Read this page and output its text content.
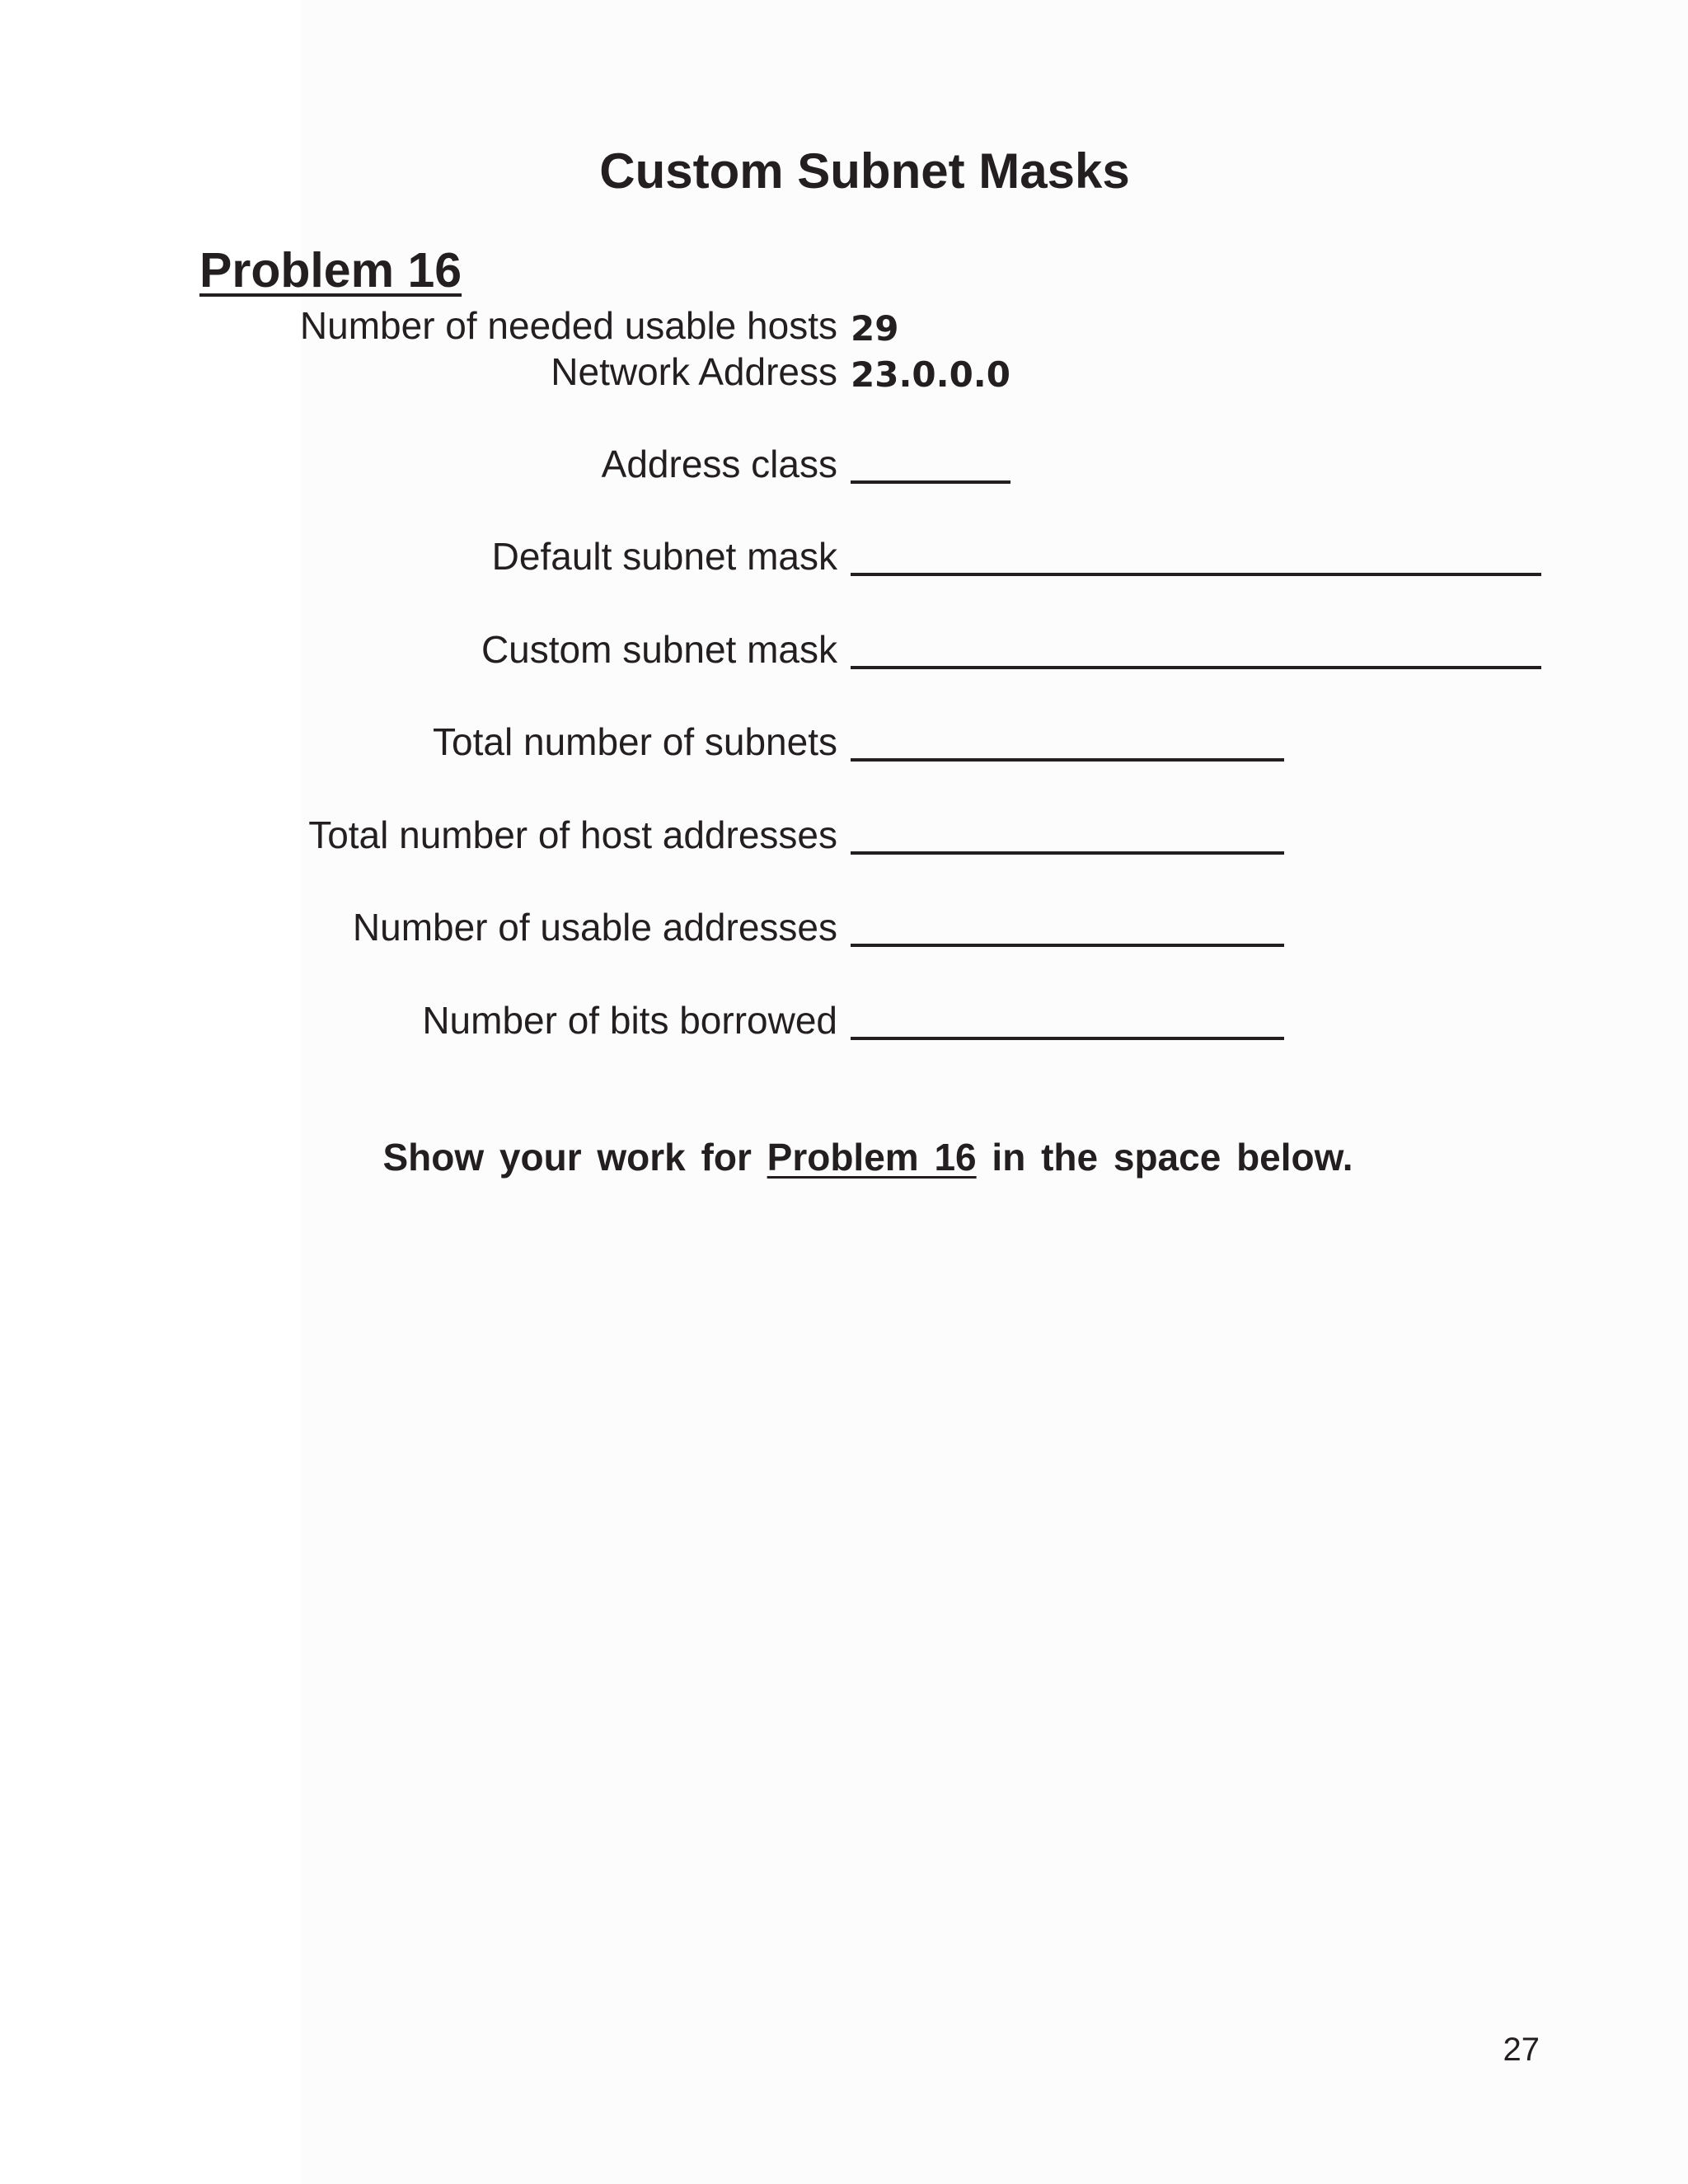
Custom Subnet Masks
Problem 16
Number of needed usable hosts 29
Network Address 23.0.0.0
Address class
Default subnet mask
Custom subnet mask
Total number of subnets
Total number of host addresses
Number of usable addresses
Number of bits borrowed
Show your work for Problem 16 in the space below.
27
